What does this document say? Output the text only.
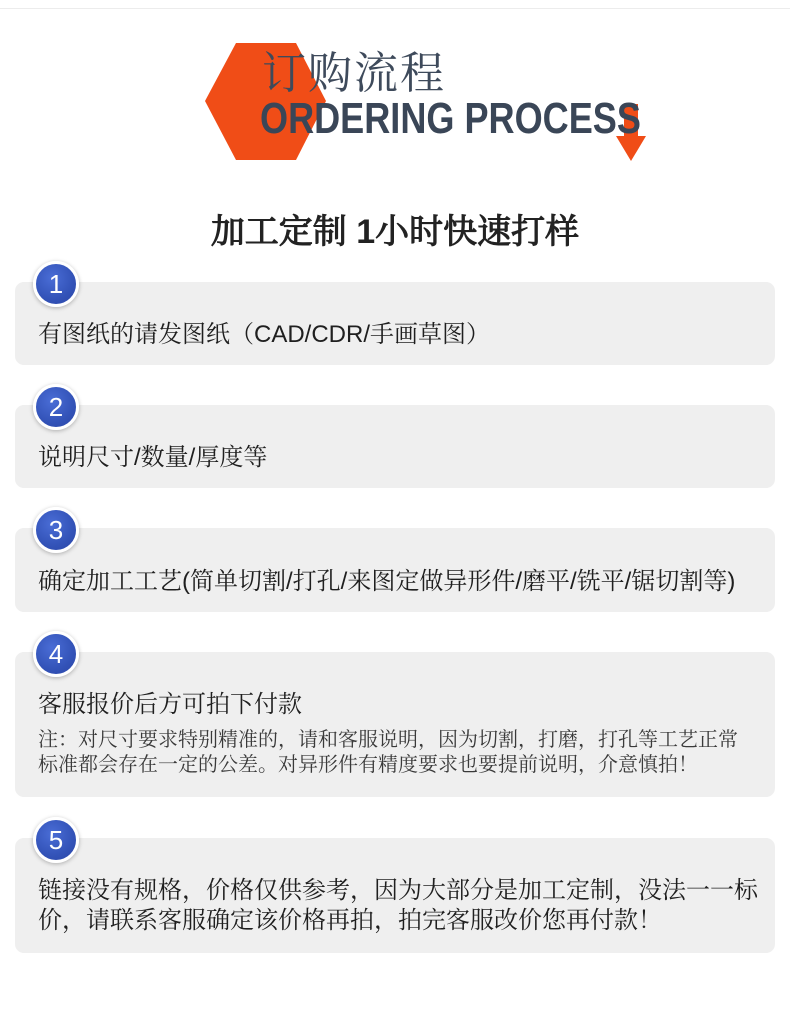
订购流程
ORDERING PROCESS
加工定制 1小时快速打样
1
有图纸的请发图纸（CAD/CDR/手画草图）
2
说明尺寸/数量/厚度等
3
确定加工工艺(简单切割/打孔/来图定做异形件/磨平/铣平/锯切割等)
4
客服报价后方可拍下付款
注：对尺寸要求特别精准的，请和客服说明，因为切割，打磨，打孔等工艺正常
标准都会存在一定的公差。对异形件有精度要求也要提前说明，介意慎拍！
5
链接没有规格，价格仅供参考，因为大部分是加工定制，没法一一标
价，请联系客服确定该价格再拍，拍完客服改价您再付款！
